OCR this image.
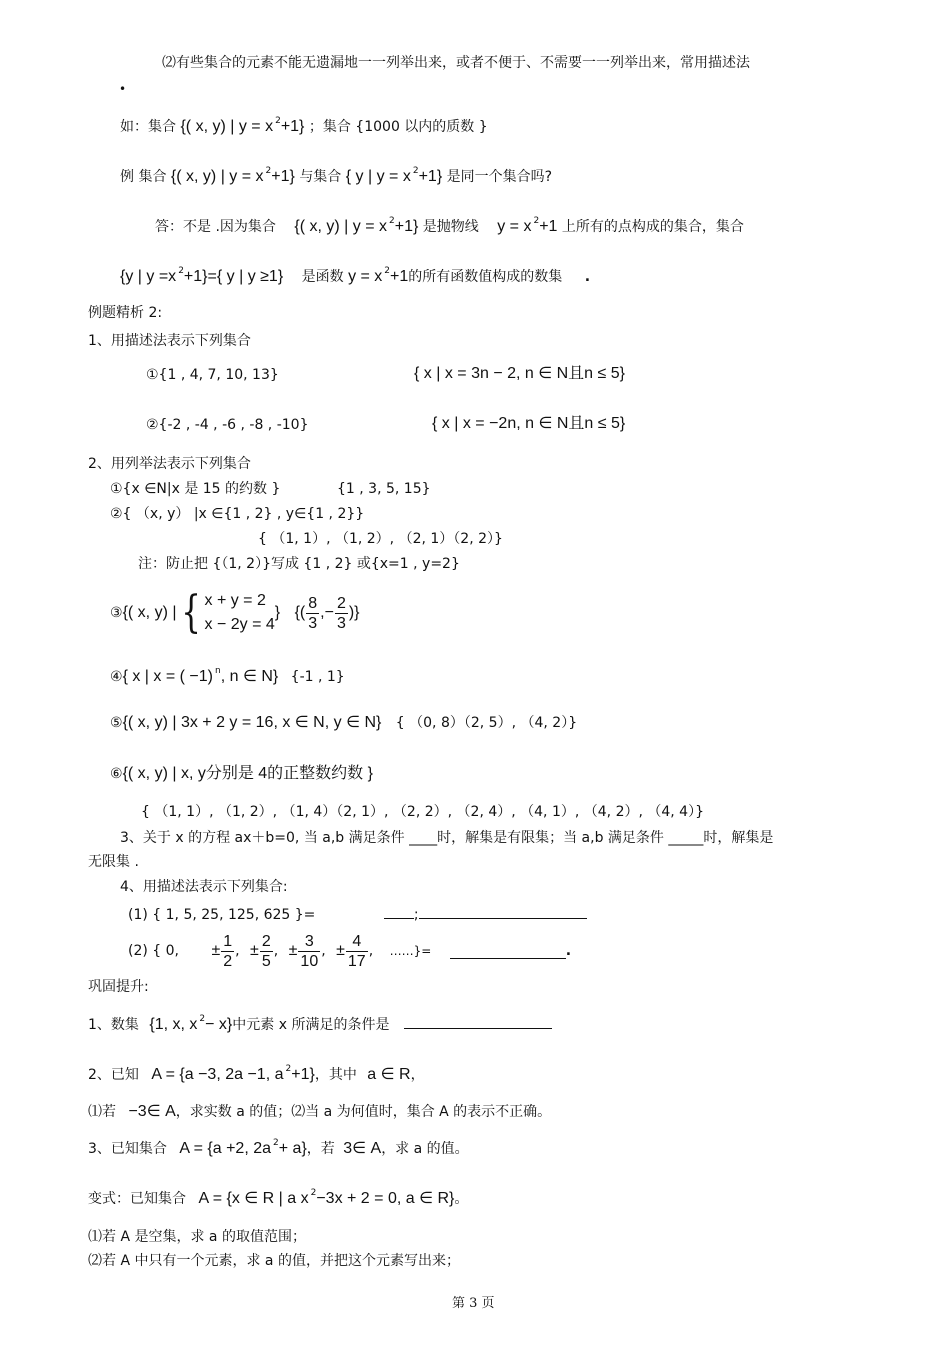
⑵有些集合的元素不能无遗漏地一一列举出来，或者不便于、不需要一一列举出来，常用描述法
•
如：集合 {( x, y) | y = x $^2$+1} ；集合 {1000 以内的质数 }
例 集合 {( x, y) | y = x $^2$+1} 与集合 { y | y = x $^2$+1} 是同一个集合吗?
答：不是 .因为集合 {( x, y) | y = x $^2$+1} 是抛物线 y = x $^2$+1 上所有的点构成的集合，集合
{y | y =x $^2$+1}={ y | y ≥1} 是函数 y = x $^2$+1的所有函数值构成的数集 .
例题精析 2:
1、用描述法表示下列集合
①{1 , 4, 7, 10, 13}	{ x | x = 3n − 2, n ∈ N且n ≤ 5}
②{-2 , -4 , -6 , -8 , -10}	{ x | x = −2n, n ∈ N且n ≤ 5}
2、用列举法表示下列集合
①{x ∈N|x 是 15 的约数 }	{1 , 3, 5, 15}
②{ （x, y） |x ∈{1 , 2} , y∈{1 , 2}}
{ （1, 1）, （1, 2）, （2, 1）（2, 2）}
注：防止把 {（1, 2）}写成 {1 , 2} 或{x=1 , y=2}
③{( x, y) |{ x + y = 2
x − 2y = 4
} {( $\frac{8}{3}$ ,− $\frac{2}{3}$ )}
④{ x | x = ( −1) $^n$, n ∈ N} {-1 , 1}
⑤{( x, y) | 3x + 2 y = 16, x ∈ N, y ∈ N} { （0, 8）（2, 5）, （4, 2）}
⑥{( x, y) | x, y分别是 4的正整数约数 }
{ （1, 1）, （1, 2）, （1, 4）（2, 1）, （2, 2）, （2, 4）, （4, 1）, （4, 2）, （4, 4）}
3、关于 x 的方程 ax＋b=0, 当 a,b 满足条件 ____时，解集是有限集；当 a,b 满足条件 _____时，解集是
无限集 .
4、用描述法表示下列集合:
(1) { 1, 5, 25, 125, 625 }=	;
(2) { 0, ± $\frac{1}{2}$ , ± $\frac{2}{5}$ , ± $\frac{3}{10}$ , ± $\frac{4}{17}$ , ……}=	.
巩固提升:
1、数集 {1, x, x $^2$− x}中元素 x 所满足的条件是
2、已知 A = {a −3, 2a −1, a $^2$+1}，其中 a ∈ R，
⑴若 −3∈ A，求实数 a 的值；⑵当 a 为何值时，集合 A 的表示不正确。
3、已知集合 A = {a +2, 2a $^2$+ a}，若 3∈ A，求 a 的值。
变式：已知集合 A = {x ∈ R | a x $^2$−3x + 2 = 0, a ∈ R}。
⑴若 A 是空集，求 a 的取值范围；
⑵若 A 中只有一个元素，求 a 的值，并把这个元素写出来；
第 3 页
